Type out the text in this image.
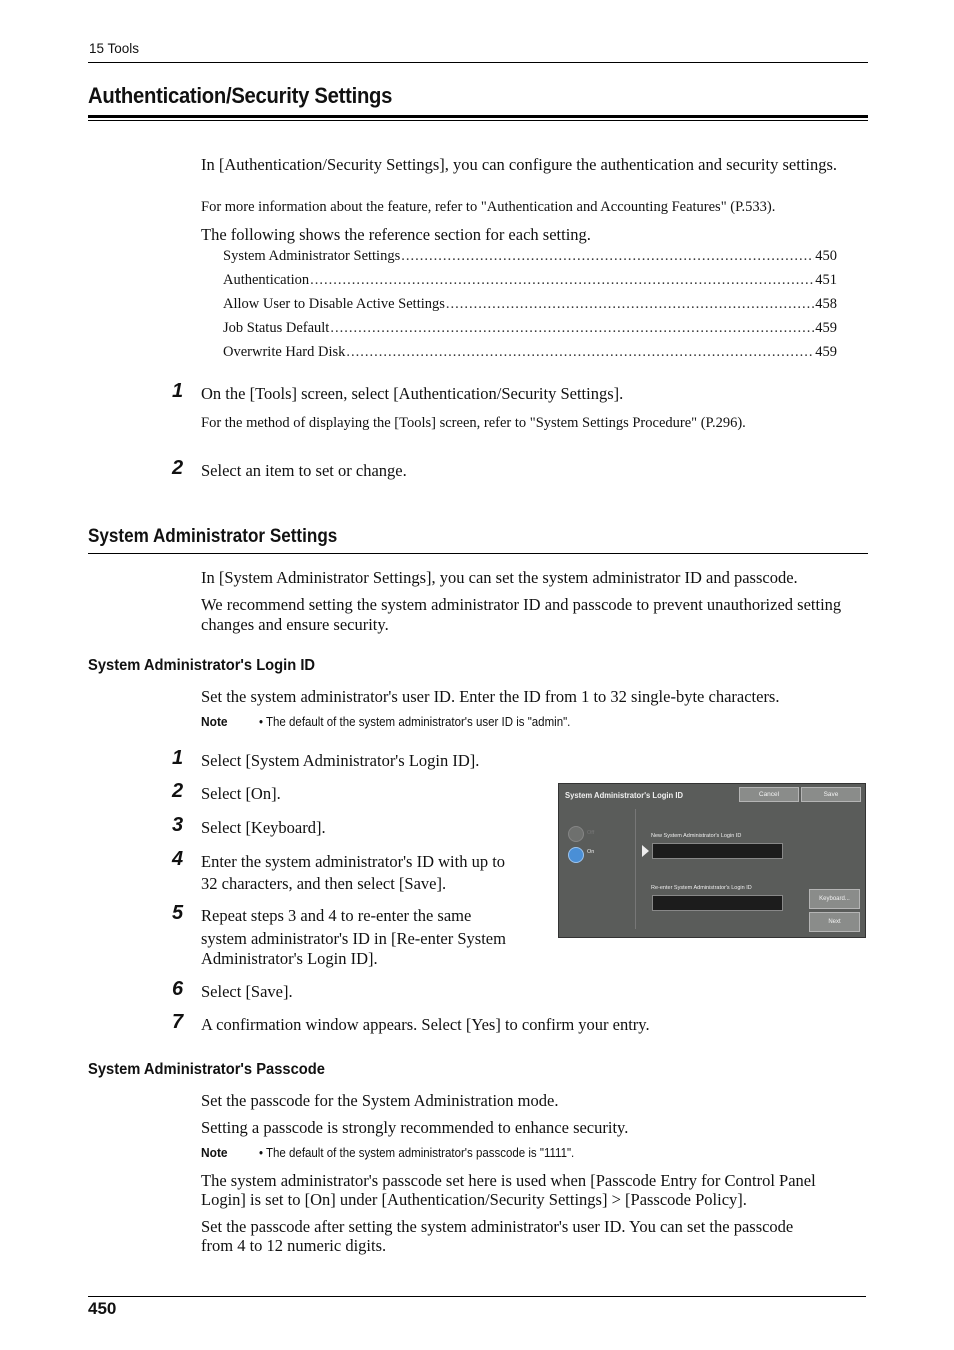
15 Tools
Authentication/Security Settings
In [Authentication/Security Settings], you can configure the authentication and security settings.
For more information about the feature, refer to "Authentication and Accounting Features" (P.533).
The following shows the reference section for each setting.
System Administrator Settings .....	450
Authentication .....	451
Allow User to Disable Active Settings .....	458
Job Status Default .....	459
Overwrite Hard Disk .....	459
1	On the [Tools] screen, select [Authentication/Security Settings].
For the method of displaying the [Tools] screen, refer to "System Settings Procedure" (P.296).
2	Select an item to set or change.
System Administrator Settings
In [System Administrator Settings], you can set the system administrator ID and passcode.
We recommend setting the system administrator ID and passcode to prevent unauthorized setting changes and ensure security.
System Administrator's Login ID
Set the system administrator's user ID. Enter the ID from 1 to 32 single-byte characters.
Note	• The default of the system administrator's user ID is "admin".
1	Select [System Administrator's Login ID].
2	Select [On].
3	Select [Keyboard].
4	Enter the system administrator's ID with up to
32 characters, and then select [Save].
5	Repeat steps 3 and 4 to re-enter the same
system administrator's ID in [Re-enter System
Administrator's Login ID].
6	Select [Save].
7	A confirmation window appears. Select [Yes] to confirm your entry.
System Administrator's Login ID	Cancel	Save
Off
On
New System Administrator's Login ID
Re-enter System Administrator's Login ID
Keyboard...
Next
System Administrator's Passcode
Set the passcode for the System Administration mode.
Setting a passcode is strongly recommended to enhance security.
Note	• The default of the system administrator's passcode is "1111".
The system administrator's passcode set here is used when [Passcode Entry for Control Panel
Login] is set to [On] under [Authentication/Security Settings] > [Passcode Policy].
Set the passcode after setting the system administrator's user ID. You can set the passcode
from 4 to 12 numeric digits.
450
